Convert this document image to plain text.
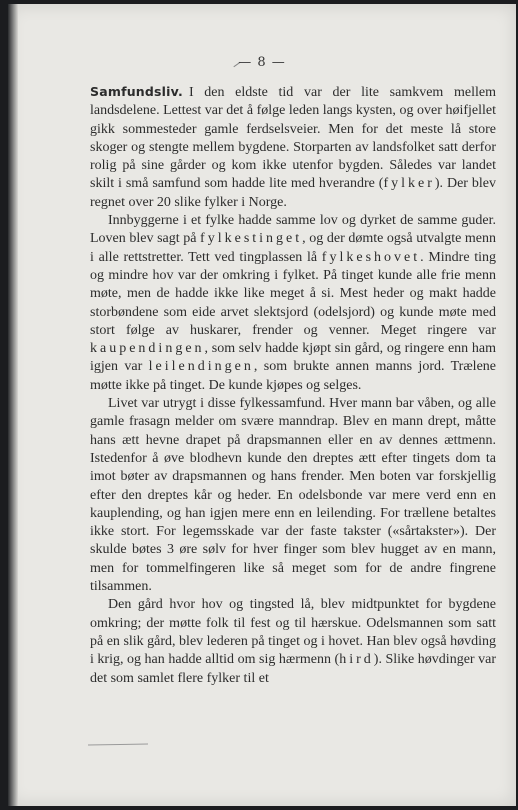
— 8 —

Samfundsliv. I den eldste tid var der lite samkvem mellem landsdelene. Lettest var det å følge leden langs kysten, og over høifjellet gikk sommesteder gamle ferdselsveier. Men for det meste lå store skoger og stengte mellem bygdene. Storparten av landsfolket satt derfor rolig på sine gårder og kom ikke utenfor bygden. Således var landet skilt i små samfund som hadde lite med hverandre (fylker). Der blev regnet over 20 slike fylker i Norge.

Innbyggerne i et fylke hadde samme lov og dyrket de samme guder. Loven blev sagt på fylkestinget, og der dømte også utvalgte menn i alle rettstretter. Tett ved tingplassen lå fylkeshovet. Mindre ting og mindre hov var der omkring i fylket. På tinget kunde alle frie menn møte, men de hadde ikke like meget å si. Mest heder og makt hadde storbøndene som eide arvet slektsjord (odelsjord) og kunde møte med stort følge av huskarer, frender og venner. Meget ringere var kaupendingen, som selv hadde kjøpt sin gård, og ringere enn ham igjen var leilendingen, som brukte annen manns jord. Trælene møtte ikke på tinget. De kunde kjøpes og selges.

Livet var utrygt i disse fylkessamfund. Hver mann bar våben, og alle gamle frasagn melder om svære manndrap. Blev en mann drept, måtte hans ætt hevne drapet på drapsmannen eller en av dennes ættmenn. Istedenfor å øve blodhevn kunde den dreptes ætt efter tingets dom ta imot bøter av drapsmannen og hans frender. Men boten var forskjellig efter den dreptes kår og heder. En odelsbonde var mere verd enn en kauplending, og han igjen mere enn en leilending. For trællene betaltes ikke stort. For legemsskade var der faste takster («sårtakster»). Der skulde bøtes 3 øre sølv for hver finger som blev hugget av en mann, men for tommelfingeren like så meget som for de andre fingrene tilsammen.

Den gård hvor hov og tingsted lå, blev midtpunktet for bygdene omkring; der møtte folk til fest og til hærskue. Odelsmannen som satt på en slik gård, blev lederen på tinget og i hovet. Han blev også høvding i krig, og han hadde alltid om sig hærmenn (hird). Slike høvdinger var det som samlet flere fylker til et
